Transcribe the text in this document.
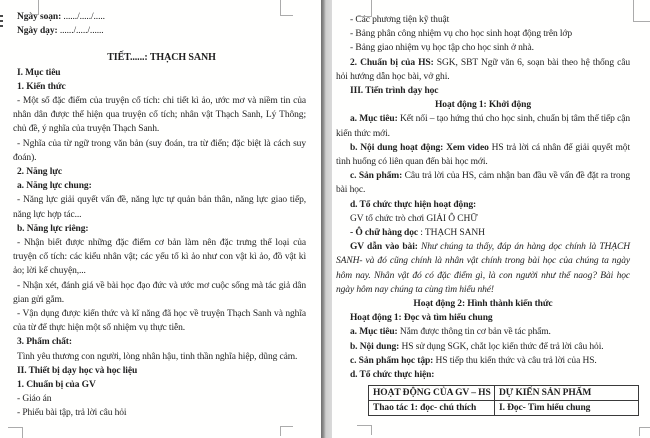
Ngày soạn: ....../...../.....

Ngày dạy: ....../...../......

TIẾT......: THẠCH SANH

I. Mục tiêu

1. Kiến thức

- Một số đặc điểm của truyện cổ tích: chi tiết kì ảo, ước mơ và niềm tin của nhân dân được thể hiện qua truyện cổ tích; nhân vật Thạch Sanh, Lý Thông; chủ đề, ý nghĩa của truyện Thạch Sanh.

- Nghĩa của từ ngữ trong văn bản (suy đoán, tra từ điển; đặc biệt là cách suy đoán).

2. Năng lực

a. Năng lực chung:

- Năng lực giải quyết vấn đề, năng lực tự quản bản thân, năng lực giao tiếp, năng lực hợp tác...

b. Năng lực riêng:

- Nhận biết được những đặc điểm cơ bản làm nên đặc trưng thể loại của truyện cổ tích: các kiểu nhân vật; các yếu tố kì ảo như con vật kì ảo, đồ vật kì ảo; lời kể chuyện,...

- Nhận xét, đánh giá về bài học đạo đức và ước mơ cuộc sống mà tác giả dân gian gửi gắm.

- Vận dụng được kiến thức và kĩ năng đã học về truyện Thạch Sanh và nghĩa của từ để thực hiện một số nhiệm vụ thực tiễn.

3. Phẩm chất:

Tình yêu thương con người, lòng nhân hậu, tinh thần nghĩa hiệp, dũng cảm.

II. Thiết bị dạy học và học liệu

1. Chuẩn bị của GV

- Giáo án

- Phiếu bài tập, trả lời câu hỏi

- Các phương tiện kỹ thuật

- Bảng phân công nhiệm vụ cho học sinh hoạt động trên lớp

- Bảng giao nhiệm vụ học tập cho học sinh ở nhà.

2. Chuẩn bị của HS: SGK, SBT Ngữ văn 6, soạn bài theo hệ thống câu hỏi hướng dẫn học bài, vở ghi.

III. Tiến trình dạy học

Hoạt động 1: Khởi động

a. Mục tiêu: Kết nối – tạo hứng thú cho học sinh, chuẩn bị tâm thế tiếp cận kiến thức mới.

b. Nội dung hoạt động: Xem video HS trả lời cá nhân để giải quyết một tình huống có liên quan đến bài học mới.

c. Sản phẩm: Câu trả lời của HS, cảm nhận ban đầu về vấn đề đặt ra trong bài học.

d. Tổ chức thực hiện hoạt động:

GV tổ chức trò chơi GIẢI Ô CHỮ

- Ô chữ hàng dọc : THẠCH SANH

GV dẫn vào bài: Như chúng ta thấy, đáp án hàng dọc chính là THẠCH SANH- và đó cũng chính là nhân vật chính trong bài học của chúng ta ngày hôm nay. Nhân vật đó có đặc điểm gì, là con người như thế naog? Bài học ngày hôm nay chúng ta cùng tìm hiểu nhé!

Hoạt động 2: Hình thành kiến thức

Hoạt động 1: Đọc và tìm hiểu chung

a. Mục tiêu: Nắm được thông tin cơ bản về tác phẩm.

b. Nội dung: HS sử dụng SGK, chắt lọc kiến thức để trả lời câu hỏi.

c. Sản phẩm học tập: HS tiếp thu kiến thức và câu trả lời của HS.

d. Tổ chức thực hiện:

HOẠT ĐỘNG CỦA GV – HS	DỰ KIẾN SẢN PHẨM
Thao tác 1: đọc- chú thích	I. Đọc- Tìm hiểu chung
